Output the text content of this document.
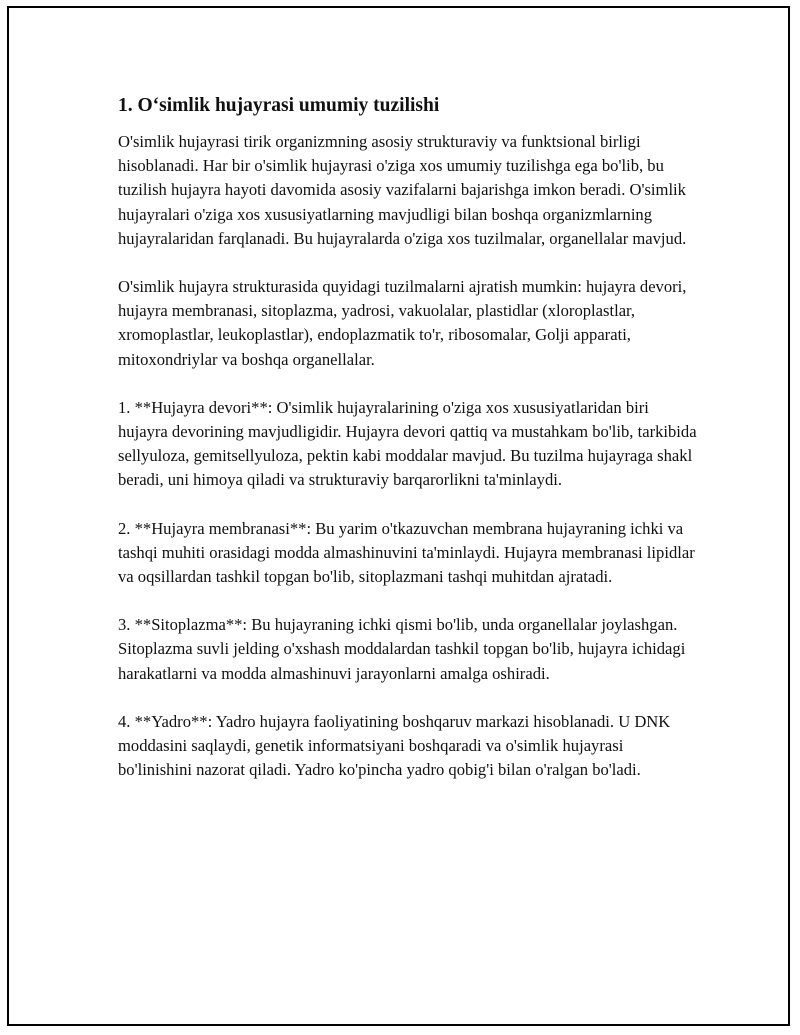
1. O‘simlik hujayrasi umumiy tuzilishi

O'simlik hujayrasi tirik organizmning asosiy strukturaviy va funktsional birligi hisoblanadi. Har bir o'simlik hujayrasi o'ziga xos umumiy tuzilishga ega bo'lib, bu tuzilish hujayra hayoti davomida asosiy vazifalarni bajarishga imkon beradi. O'simlik hujayralari o'ziga xos xususiyatlarning mavjudligi bilan boshqa organizmlarning hujayralaridan farqlanadi. Bu hujayralarda o'ziga xos tuzilmalar, organellalar mavjud.

O'simlik hujayra strukturasida quyidagi tuzilmalarni ajratish mumkin: hujayra devori, hujayra membranasi, sitoplazma, yadrosi, vakuolalar, plastidlar (xloroplastlar, xromoplastlar, leukoplastlar), endoplazmatik to'r, ribosomalar, Golji apparati, mitoxondriylar va boshqa organellalar.

1. **Hujayra devori**: O'simlik hujayralarining o'ziga xos xususiyatlaridan biri hujayra devorining mavjudligidir. Hujayra devori qattiq va mustahkam bo'lib, tarkibida sellyuloza, gemitsellyuloza, pektin kabi moddalar mavjud. Bu tuzilma hujayraga shakl beradi, uni himoya qiladi va strukturaviy barqarorlikni ta'minlaydi.

2. **Hujayra membranasi**: Bu yarim o'tkazuvchan membrana hujayraning ichki va tashqi muhiti orasidagi modda almashinuvini ta'minlaydi. Hujayra membranasi lipidlar va oqsillardan tashkil topgan bo'lib, sitoplazmani tashqi muhitdan ajratadi.

3. **Sitoplazma**: Bu hujayraning ichki qismi bo'lib, unda organellalar joylashgan. Sitoplazma suvli jelding o'xshash moddalardan tashkil topgan bo'lib, hujayra ichidagi harakatlarni va modda almashinuvi jarayonlarni amalga oshiradi.

4. **Yadro**: Yadro hujayra faoliyatining boshqaruv markazi hisoblanadi. U DNK moddasini saqlaydi, genetik informatsiyani boshqaradi va o'simlik hujayrasi bo'linishini nazorat qiladi. Yadro ko'pincha yadro qobig'i bilan o'ralgan bo'ladi.
